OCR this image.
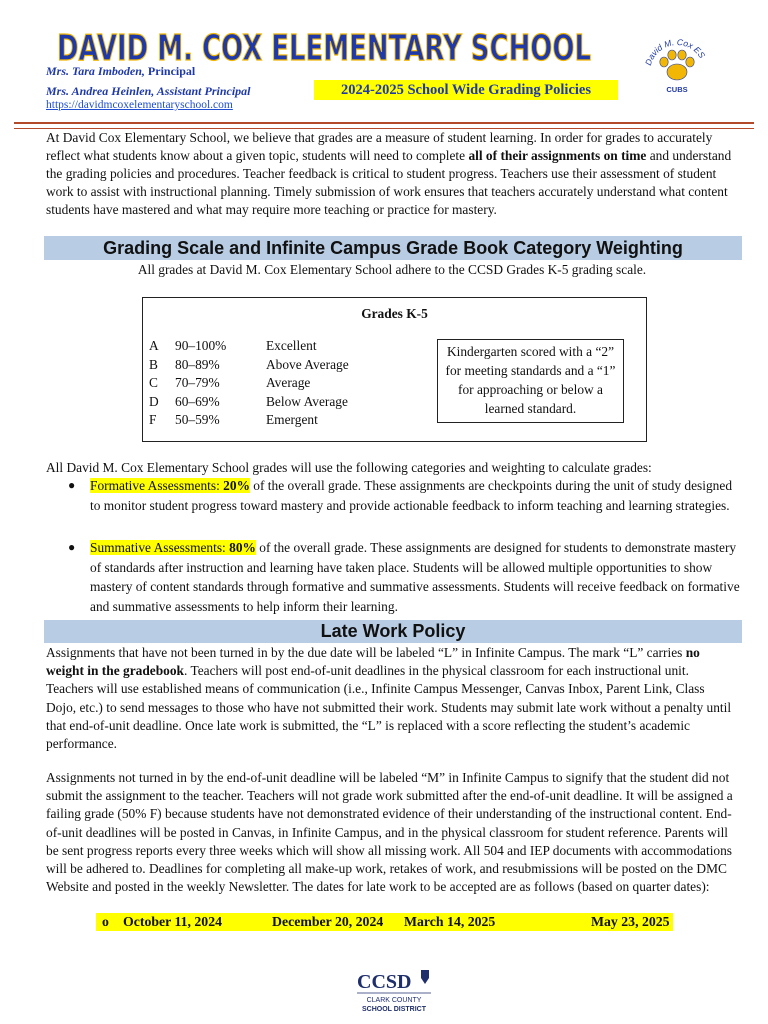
DAVID M. COX ELEMENTARY SCHOOL
Mrs. Tara Imboden, Principal
Mrs. Andrea Heinlen, Assistant Principal
https://davidmcoxelementaryschool.com
2024-2025 School Wide Grading Policies
David M. Cox ES
CUBS
At David Cox Elementary School, we believe that grades are a measure of student learning. In order for grades to accurately reflect what students know about a given topic, students will need to complete all of their assignments on time and understand the grading policies and procedures. Teacher feedback is critical to student progress. Teachers use their assessment of student work to assist with instructional planning. Timely submission of work ensures that teachers accurately understand what content students have mastered and what may require more teaching or practice for mastery.
Grading Scale and Infinite Campus Grade Book Category Weighting
All grades at David M. Cox Elementary School adhere to the CCSD Grades K-5 grading scale.
Grades K-5
A 90–100%	Excellent
B 80–89%	Above Average
C 70–79%	Average
D 60–69%	Below Average
F 50–59%	Emergent
Kindergarten scored with a “2” for meeting standards and a “1” for approaching or below a learned standard.
All David M. Cox Elementary School grades will use the following categories and weighting to calculate grades:
● Formative Assessments: 20% of the overall grade. These assignments are checkpoints during the unit of study designed to monitor student progress toward mastery and provide actionable feedback to inform teaching and learning strategies.
● Summative Assessments: 80% of the overall grade. These assignments are designed for students to demonstrate mastery of standards after instruction and learning have taken place. Students will be allowed multiple opportunities to show mastery of content standards through formative and summative assessments. Students will receive feedback on formative and summative assessments to help inform their learning.
Late Work Policy
Assignments that have not been turned in by the due date will be labeled “L” in Infinite Campus. The mark “L” carries no weight in the gradebook. Teachers will post end-of-unit deadlines in the physical classroom for each instructional unit. Teachers will use established means of communication (i.e., Infinite Campus Messenger, Canvas Inbox, Parent Link, Class Dojo, etc.) to send messages to those who have not submitted their work. Students may submit late work without a penalty until that end-of-unit deadline. Once late work is submitted, the “L” is replaced with a score reflecting the student’s academic performance.
Assignments not turned in by the end-of-unit deadline will be labeled “M” in Infinite Campus to signify that the student did not submit the assignment to the teacher. Teachers will not grade work submitted after the end-of-unit deadline. It will be assigned a failing grade (50% F) because students have not demonstrated evidence of their understanding of the instructional content. End-of-unit deadlines will be posted in Canvas, in Infinite Campus, and in the physical classroom for student reference. Parents will be sent progress reports every three weeks which will show all missing work. All 504 and IEP documents with accommodations will be adhered to. Deadlines for completing all make-up work, retakes of work, and resubmissions will be posted on the DMC Website and posted in the weekly Newsletter. The dates for late work to be accepted are as follows (based on quarter dates):
o October 11, 2024	December 20, 2024 March 14, 2025	May 23, 2025
CCSD
CLARK COUNTY
SCHOOL DISTRICT
